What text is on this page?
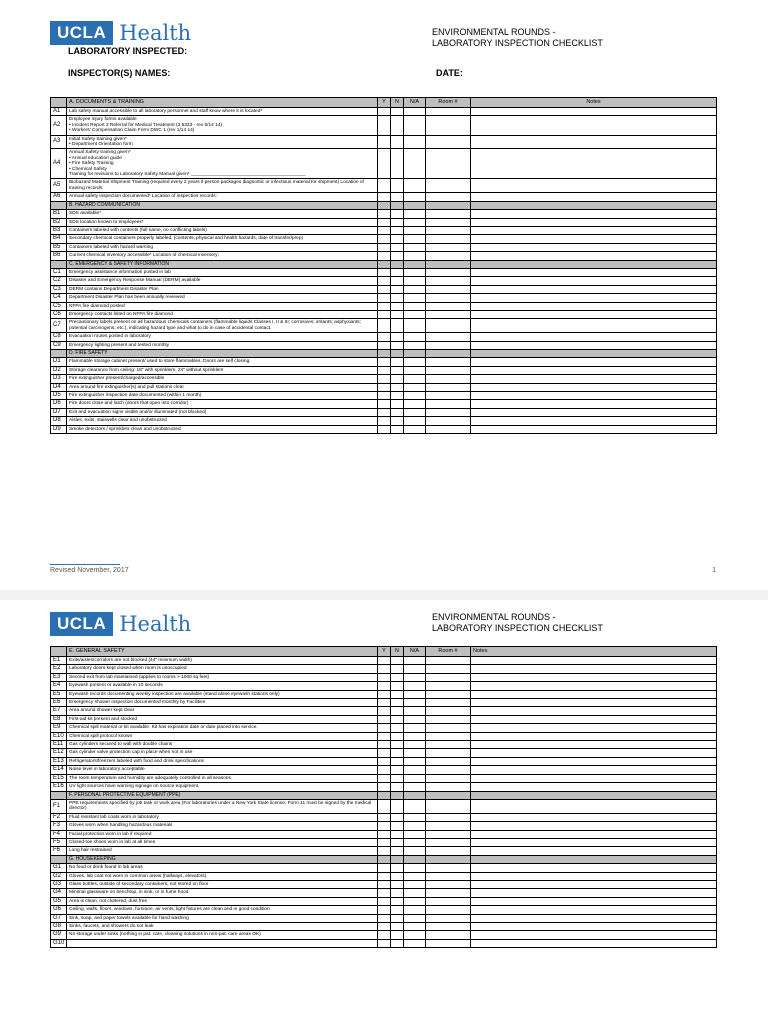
UCLA Health	ENVIRONMENTAL ROUNDS -
LABORATORY INSPECTION CHECKLIST
LABORATORY INSPECTED:
INSPECTOR(S) NAMES:	DATE:
	A. DOCUMENTS & TRAINING	Y	N	N/A	Room #	Notes
A1	Lab safety manual accessible to all laboratory personnel and staff know where it is located*					
A2	Employee injury forms available
• Incident Report 3 Referral for Medical Treatment (3 5333 - rev 5/14 14)
• Workers' Compensation Claim Form DWC 1 (rev 1/14 14)					
A3	Initial Safety training given*
• Department Orientation form					
A4	Annual Safety training given*
• Annual education guide
• Fire Safety Training
• Chemical Safety
Training for revisions to Laboratory Safety Manual given* ___________________________________________					
A5	Biohazard Material Shipment Training (required every 2 years if person packages diagnostic or infectious material for shipment) Location of training records:					
A6	Annual safety inspection documented* Location of inspection records:					
	B. HAZARD COMMUNICATION					
B1	SDS available*					
B2	SDS location known to employees*					
B3	Containers labeled with contents (full name, no conflicting labels)					
B4	Secondary chemical containers properly labeled. (contents, physical and health hazards, date of transfer/prep)					
B5	Containers labeled with hazard warning					
B6	Current chemical inventory accessible* Location of chemical inventory:					
	C. EMERGENCY & SAFETY INFORMATION					
C1	Emergency assistance information posted in lab					
C2	Disaster and Emergency Response Manual (DERM) available					
C3	DERM contains Department Disaster Plan					
C4	Department Disaster Plan has been annually reviewed					
C5	NFPA fire diamond posted					
C6	Emergency contacts listed on NFPA fire diamond					
C7	Precautionary labels present on all hazardous chemicals containers (flammable liquids Classes I, II & III; corrosives; irritants; asphyxiants; potential carcinogens; etc.), indicating hazard type and what to do in case of accidental contact.					
C8	Evacuation routes posted in laboratory					
C9	Emergency lighting present and tested monthly					
	D. FIRE SAFETY					
D1	Flammable storage cabinet present/ used to store flammables. Doors are self closing.					
D2	Storage clearance from ceiling: 18" with sprinklers, 24" without sprinklers					
D3	Fire extinguisher present/charged/accessible					
D4	Area around fire extinguisher(s) and pull stations clear					
D5	Fire extinguisher inspection date documented (within 1 month)					
D6	Fire doors close and latch (doors that open into corridor)					
D7	Exit and evacuation signs visible and/or illuminated (not blocked)					
D8	Aisles, exits, stairwells clear and unobstructed					
D9	Smoke detectors / sprinklers clean and unobstructed					
Revised November, 2017	1
UCLA Health	ENVIRONMENTAL ROUNDS -
LABORATORY INSPECTION CHECKLIST
	E. GENERAL SAFETY	Y	N	N/A	Room #	Notes
E1	Exits/aisles/corridors are not blocked (44" minimum width)					
E2	Laboratory doors kept closed when room is unoccupied					
E3	Second exit from lab maintained (applies to rooms > 1000 sq feet)					
E4	Eyewash present or available in 10 seconds					
E5	Eyewash records documenting weekly inspection are available (stand alone eyewash stations only)					
E6	Emergency shower inspection documented monthly by Facilities					
E7	Area around shower kept clear					
E8	First-aid kit present and stocked					
E9	Chemical spill material or kit available. Kit has expiration date or date placed into service.					
E10	Chemical spill protocol known					
E11	Gas cylinders secured to wall with double chains					
E12	Gas cylinder valve protection cap in place when not in use					
E13	Refrigerators/freezers labeled with food and drink specifications					
E14	Noise level in laboratory acceptable					
E15	The room temperature and humidity are adequately controlled in all seasons.					
E16	UV light sources have warning signage on source equipment.					
	F. PERSONAL PROTECTIVE EQUIPMENT (PPE)					
F1	PPE requirements specified by job task or work area (For laboratories under a New York State license, Form 11 must be signed by the medical director)					
F2	Fluid resistant lab coats worn in laboratory					
F3	Gloves worn when handling hazardous materials					
F4	Facial protection worn in lab if required					
F5	Closed-toe shoes worn in lab at all times					
F6	Long hair restrained					
	G. HOUSEKEEPING					
G1	No food or drink found in lab areas					
G2	Gloves, lab coat not worn in common areas (hallways, elevators)					
G3	Glass bottles, outside of secondary containers, not stored on floor					
G4	Minimal glassware on benchtop, in sink, or in fume hood					
G5	Area is clean, not cluttered, dust free					
G6	Ceiling, walls, floors, windows, furniture, air vents, light fixtures are clean and in good condition					
G7	Sink, soap, and paper towels available for hand washing					
G8	Sinks, faucets, and showers do not leak					
G9	No storage under sinks (nothing in pat. care, cleaning solutions in non-pat. care areas OK)					
G10						
